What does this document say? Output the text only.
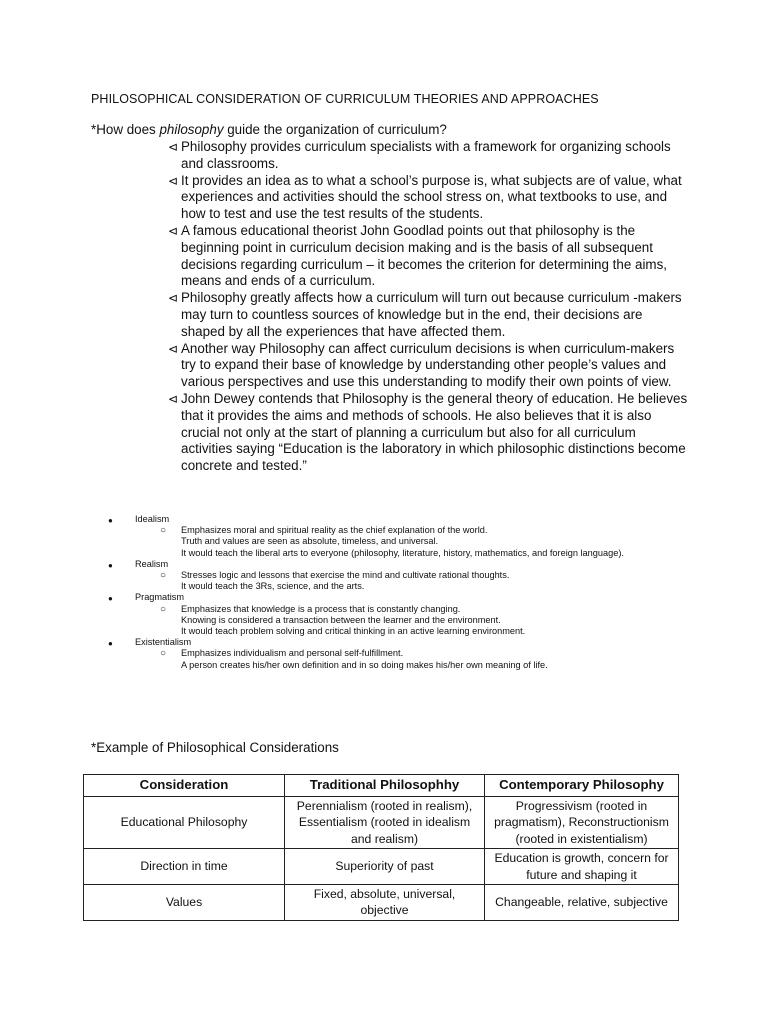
PHILOSOPHICAL CONSIDERATION OF CURRICULUM THEORIES AND APPROACHES
*How does philosophy guide the organization of curriculum?
⊲ Philosophy provides curriculum specialists with a framework for organizing schools and classrooms.
⊲ It provides an idea as to what a school’s purpose is, what subjects are of value, what experiences and activities should the school stress on, what textbooks to use, and how to test and use the test results of the students.
⊲ A famous educational theorist John Goodlad points out that philosophy is the beginning point in curriculum decision making and is the basis of all subsequent decisions regarding curriculum – it becomes the criterion for determining the aims, means and ends of a curriculum.
⊲ Philosophy greatly affects how a curriculum will turn out because curriculum -makers may turn to countless sources of knowledge but in the end, their decisions are shaped by all the experiences that have affected them.
⊲ Another way Philosophy can affect curriculum decisions is when curriculum-makers try to expand their base of knowledge by understanding other people’s values and various perspectives and use this understanding to modify their own points of view.
⊲ John Dewey contends that Philosophy is the general theory of education. He believes that it provides the aims and methods of schools. He also believes that it is also crucial not only at the start of planning a curriculum but also for all curriculum activities saying “Education is the laboratory in which philosophic distinctions become concrete and tested.”
● Idealism
○ Emphasizes moral and spiritual reality as the chief explanation of the world.
Truth and values are seen as absolute, timeless, and universal.
It would teach the liberal arts to everyone (philosophy, literature, history, mathematics, and foreign language).
● Realism
○ Stresses logic and lessons that exercise the mind and cultivate rational thoughts.
It would teach the 3Rs, science, and the arts.
● Pragmatism
○ Emphasizes that knowledge is a process that is constantly changing.
Knowing is considered a transaction between the learner and the environment.
It would teach problem solving and critical thinking in an active learning environment.
● Existentialism
○ Emphasizes individualism and personal self-fulfillment.
A person creates his/her own definition and in so doing makes his/her own meaning of life.
*Example of Philosophical Considerations
Consideration	Traditional Philosophhy	Contemporary Philosophy
Educational Philosophy	Perennialism (rooted in realism), Essentialism (rooted in idealism and realism)	Progressivism (rooted in pragmatism), Reconstructionism (rooted in existentialism)
Direction in time	Superiority of past	Education is growth, concern for future and shaping it
Values	Fixed, absolute, universal, objective	Changeable, relative, subjective
